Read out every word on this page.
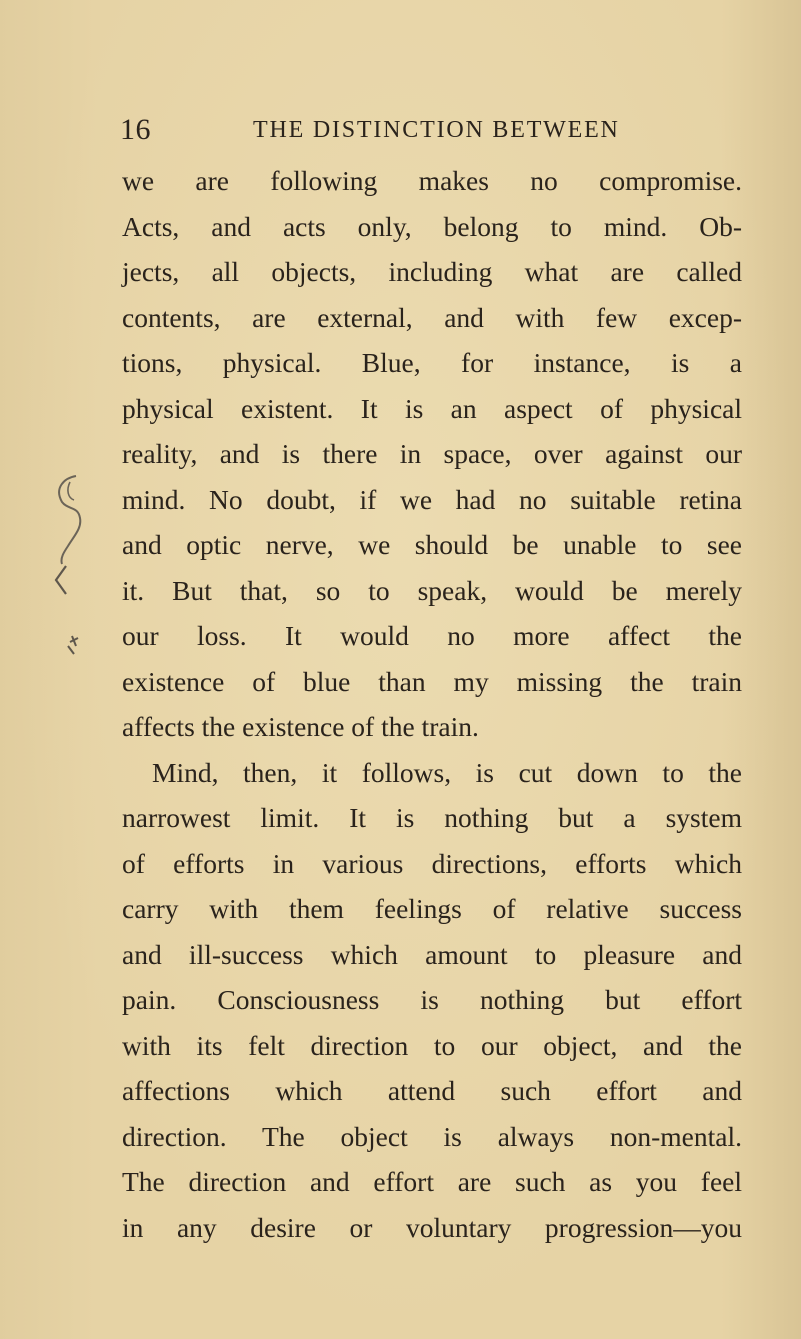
16	THE DISTINCTION BETWEEN
we are following makes no compromise.
Acts, and acts only, belong to mind. Ob-
jects, all objects, including what are called
contents, are external, and with few excep-
tions, physical. Blue, for instance, is a
physical existent. It is an aspect of physical
reality, and is there in space, over against our
mind. No doubt, if we had no suitable retina
and optic nerve, we should be unable to see
it. But that, so to speak, would be merely
our loss. It would no more affect the
existence of blue than my missing the train
affects the existence of the train.
Mind, then, it follows, is cut down to the
narrowest limit. It is nothing but a system
of efforts in various directions, efforts which
carry with them feelings of relative success
and ill-success which amount to pleasure and
pain. Consciousness is nothing but effort
with its felt direction to our object, and the
affections which attend such effort and
direction. The object is always non-mental.
The direction and effort are such as you feel
in any desire or voluntary progression—you
